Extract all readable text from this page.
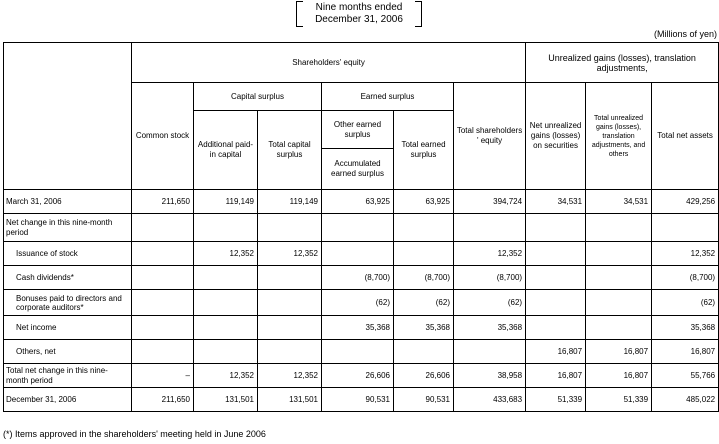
Nine months ended
December 31, 2006
(Millions of yen)
	Shareholders' equity						Unrealized gains (losses), translation adjustments,		
	Common stock	Capital surplus		Earned surplus		Total shareholders ' equity	Net unrealized gains (losses) on securities	Total unrealized gains (losses), translation adjustments, and others	Total net assets
		Additional paid-in capital	Total capital surplus	Other earned surplus	Total earned surplus				
				Accumulated earned surplus					
March 31, 2006	211,650	119,149	119,149	63,925	63,925	394,724	34,531	34,531	429,256
Net change in this nine-month period									
Issuance of stock		12,352	12,352			12,352			12,352
Cash dividends*				(8,700)	(8,700)	(8,700)			(8,700)
Bonuses paid to directors and corporate auditors*				(62)	(62)	(62)			(62)
Net income				35,368	35,368	35,368			35,368
Others, net							16,807	16,807	16,807
Total net change in this nine-month period	–	12,352	12,352	26,606	26,606	38,958	16,807	16,807	55,766
December 31, 2006	211,650	131,501	131,501	90,531	90,531	433,683	51,339	51,339	485,022
(*) Items approved in the shareholders' meeting held in June 2006
